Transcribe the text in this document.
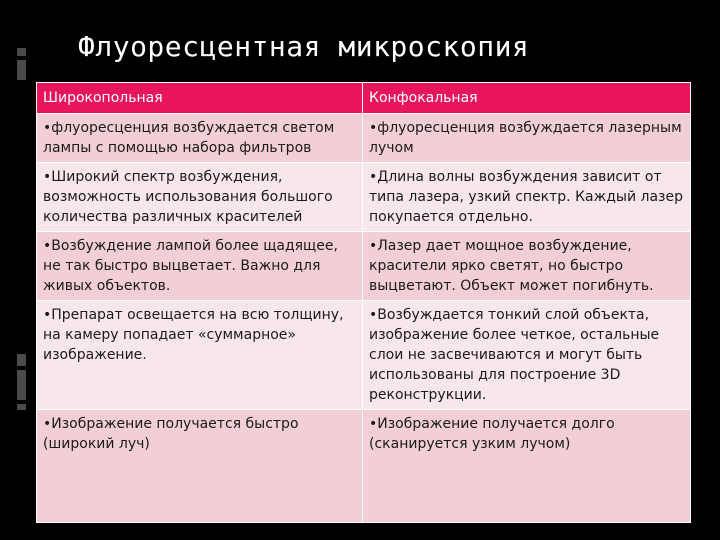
Флуоресцентная микроскопия
Широкопольная	Конфокальная
•флуоресценция возбуждается светом лампы с помощью набора фильтров	•флуоресценция возбуждается лазерным лучом
•Широкий спектр возбуждения, возможность использования большого количества различных красителей	•Длина волны возбуждения зависит от типа лазера, узкий спектр. Каждый лазер покупается отдельно.
•Возбуждение лампой более щадящее, не так быстро выцветает. Важно для живых объектов.	•Лазер дает мощное возбуждение, красители ярко светят, но быстро выцветают. Объект может погибнуть.
•Препарат освещается на всю толщину, на камеру попадает «суммарное» изображение.	•Возбуждается тонкий слой объекта, изображение более четкое, остальные слои не засвечиваются и могут быть использованы для построение 3D реконструкции.
•Изображение получается быстро (широкий луч)	•Изображение получается долго (сканируется узким лучом)
